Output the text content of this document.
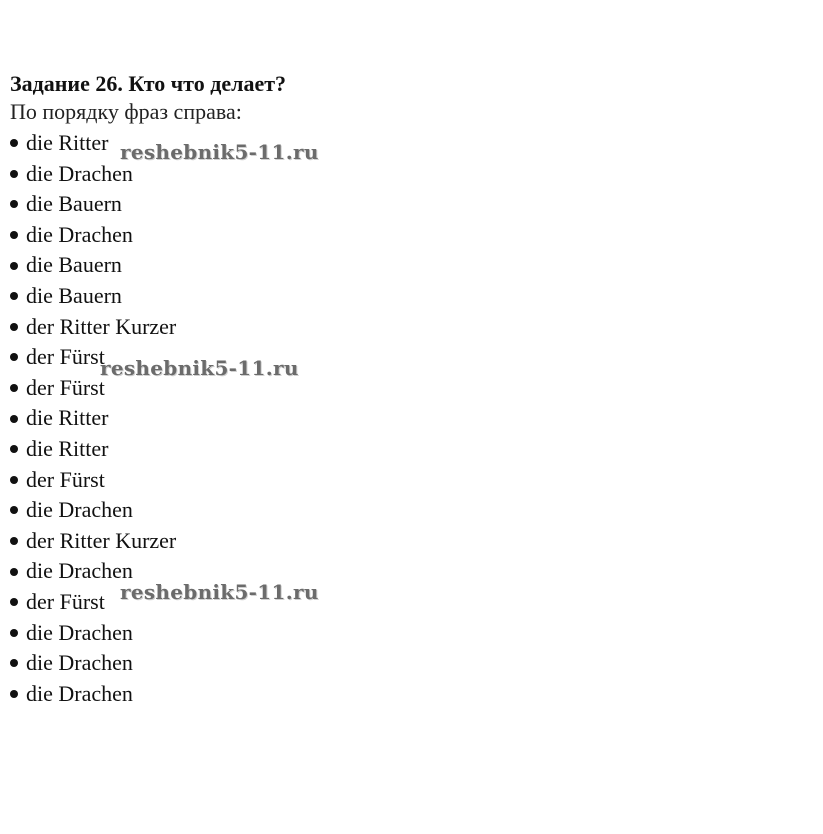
Задание 26. Кто что делает?
По порядку фраз справа:
die Ritter
die Drachen
die Bauern
die Drachen
die Bauern
die Bauern
der Ritter Kurzer
der Fürst
der Fürst
die Ritter
die Ritter
der Fürst
die Drachen
der Ritter Kurzer
die Drachen
der Fürst
die Drachen
die Drachen
die Drachen
reshebnik5-11.ru
reshebnik5-11.ru
reshebnik5-11.ru
